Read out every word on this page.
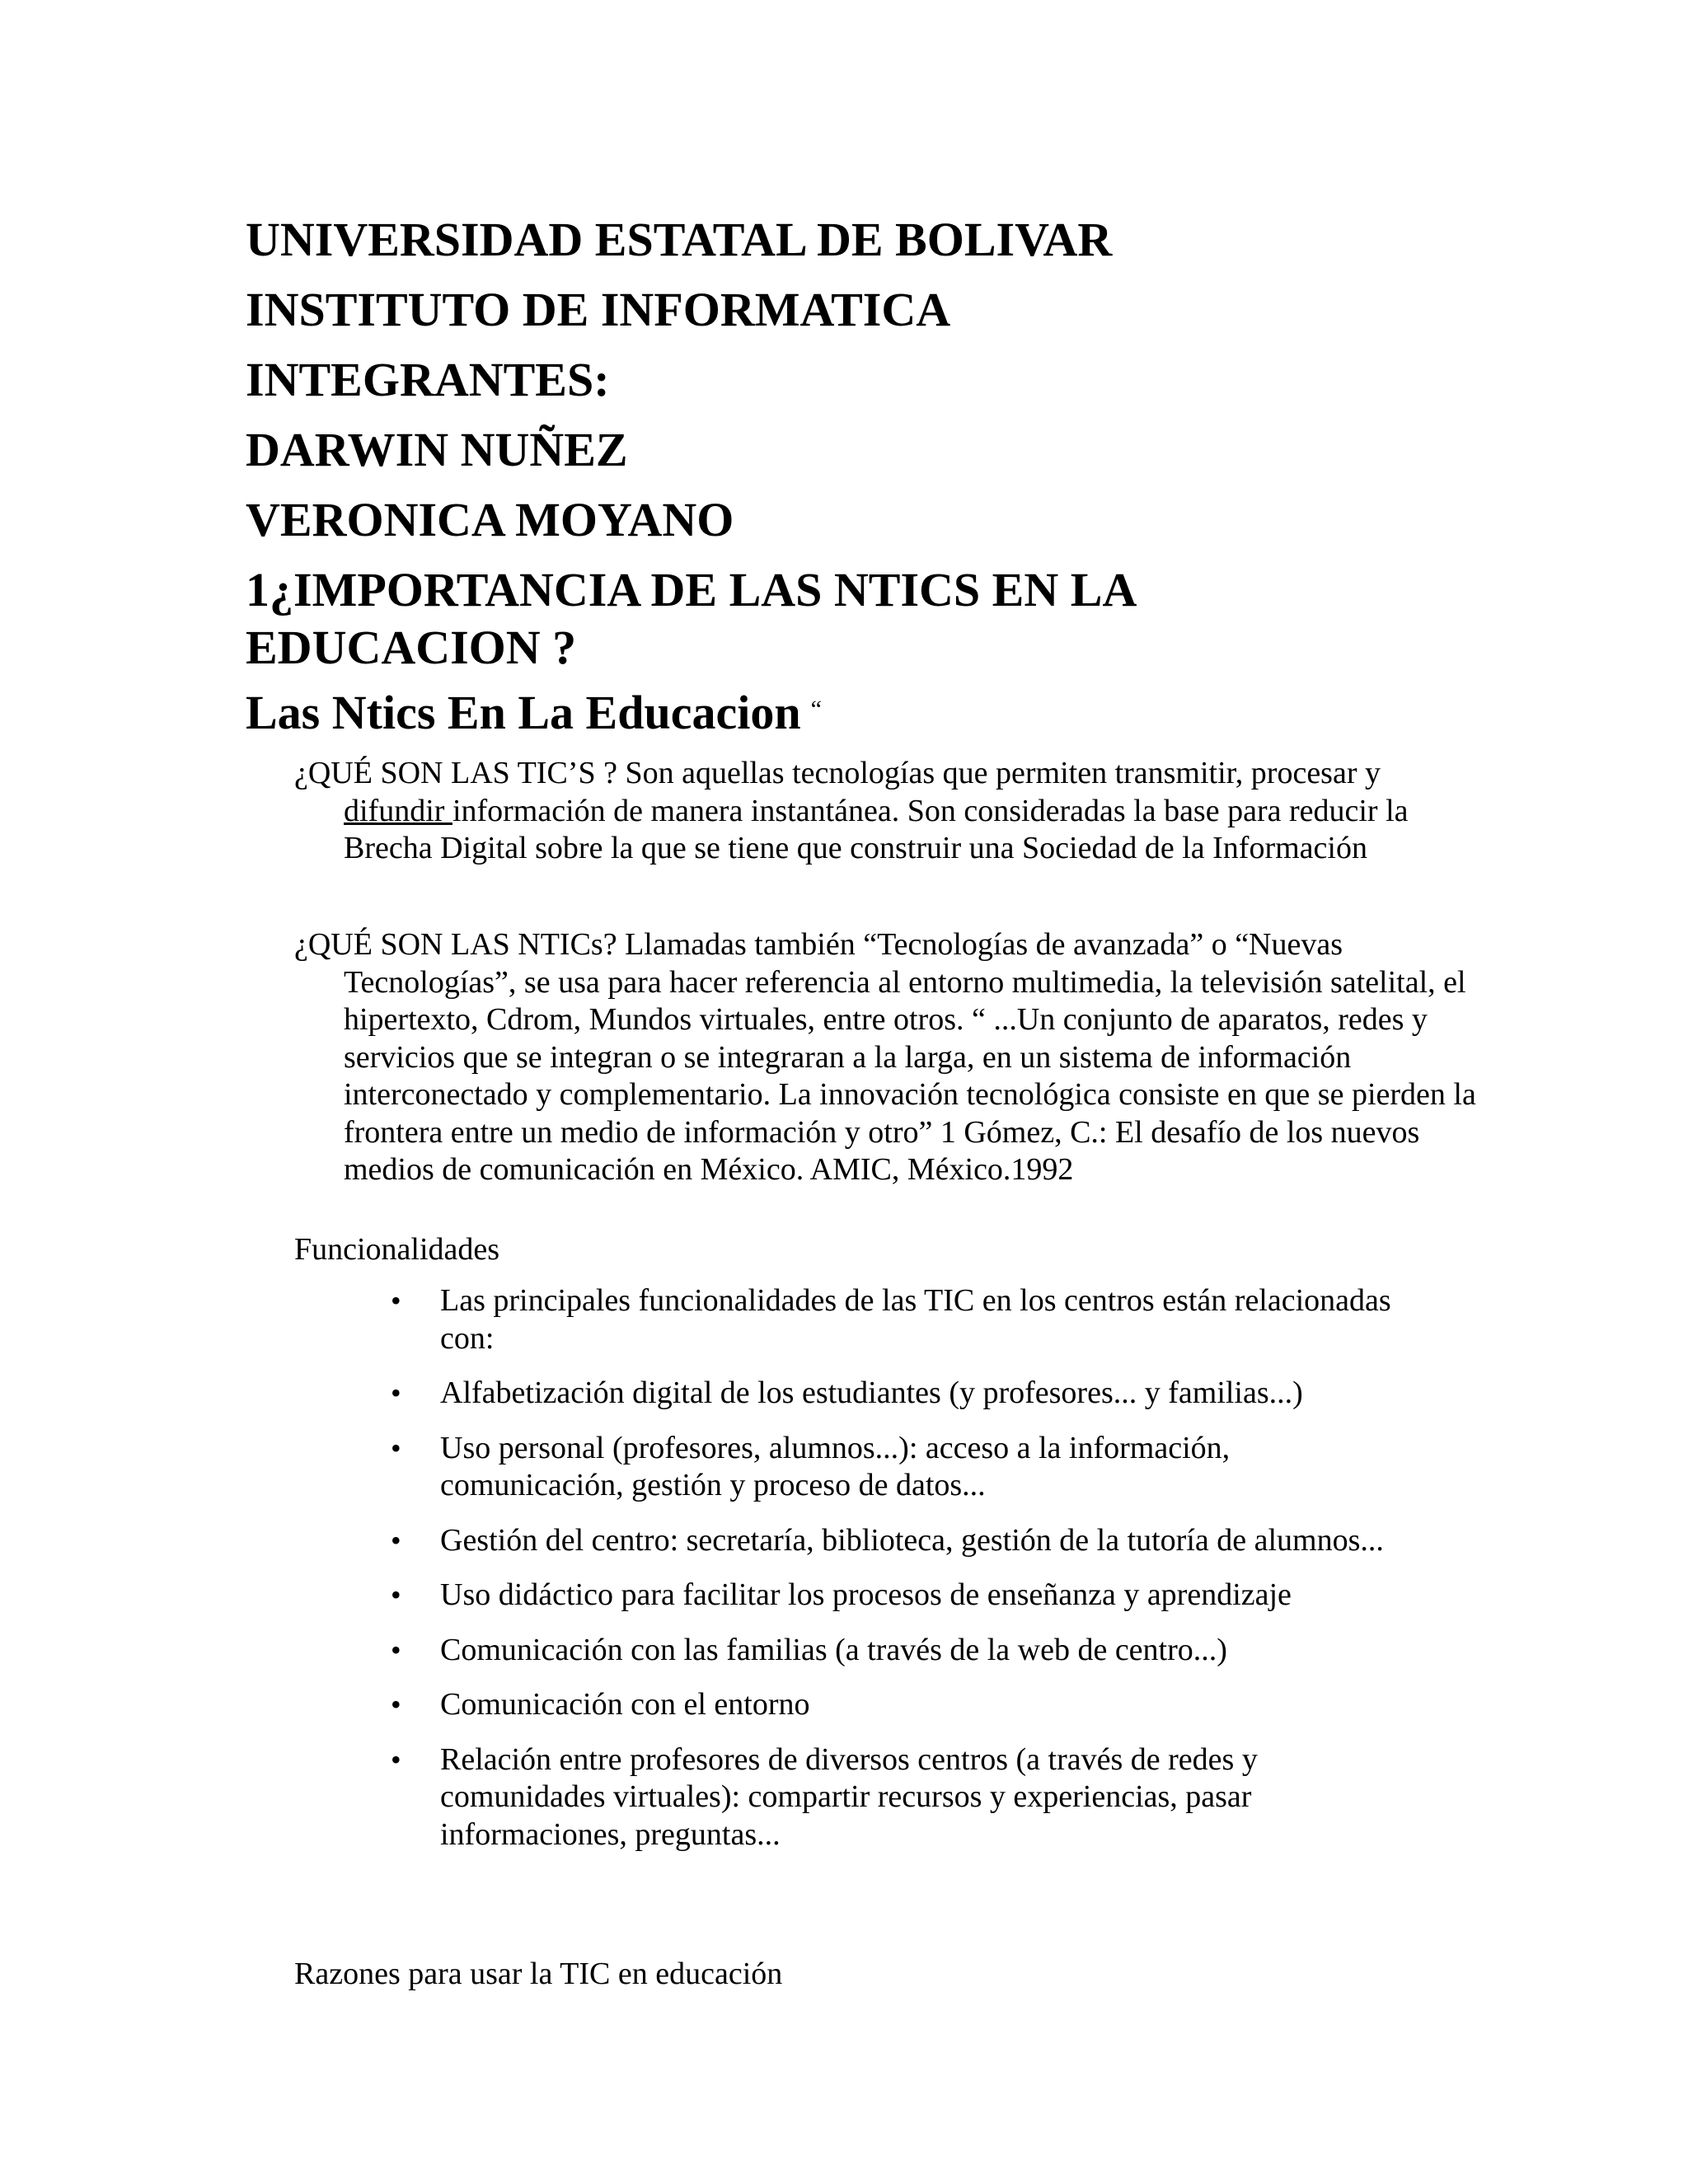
UNIVERSIDAD ESTATAL DE BOLIVAR
INSTITUTO DE INFORMATICA
INTEGRANTES:
DARWIN NUÑEZ
VERONICA MOYANO
1¿IMPORTANCIA DE LAS NTICS EN LA
EDUCACION ?
Las Ntics En La Educacion “

¿QUÉ SON LAS TIC’S ? Son aquellas tecnologías que permiten transmitir, procesar y difundir información de manera instantánea. Son consideradas la base para reducir la Brecha Digital sobre la que se tiene que construir una Sociedad de la Información

¿QUÉ SON LAS NTICs? Llamadas también “Tecnologías de avanzada” o “Nuevas Tecnologías”, se usa para hacer referencia al entorno multimedia, la televisión satelital, el hipertexto, Cdrom, Mundos virtuales, entre otros. “ ...Un conjunto de aparatos, redes y servicios que se integran o se integraran a la larga, en un sistema de información interconectado y complementario. La innovación tecnológica consiste en que se pierden la frontera entre un medio de información y otro” 1 Gómez, C.: El desafío de los nuevos medios de comunicación en México. AMIC, México.1992

Funcionalidades

• Las principales funcionalidades de las TIC en los centros están relacionadas con:
• Alfabetización digital de los estudiantes (y profesores... y familias...)
• Uso personal (profesores, alumnos...): acceso a la información, comunicación, gestión y proceso de datos...
• Gestión del centro: secretaría, biblioteca, gestión de la tutoría de alumnos...
• Uso didáctico para facilitar los procesos de enseñanza y aprendizaje
• Comunicación con las familias (a través de la web de centro...)
• Comunicación con el entorno
• Relación entre profesores de diversos centros (a través de redes y comunidades virtuales): compartir recursos y experiencias, pasar informaciones, preguntas...

Razones para usar la TIC en educación
